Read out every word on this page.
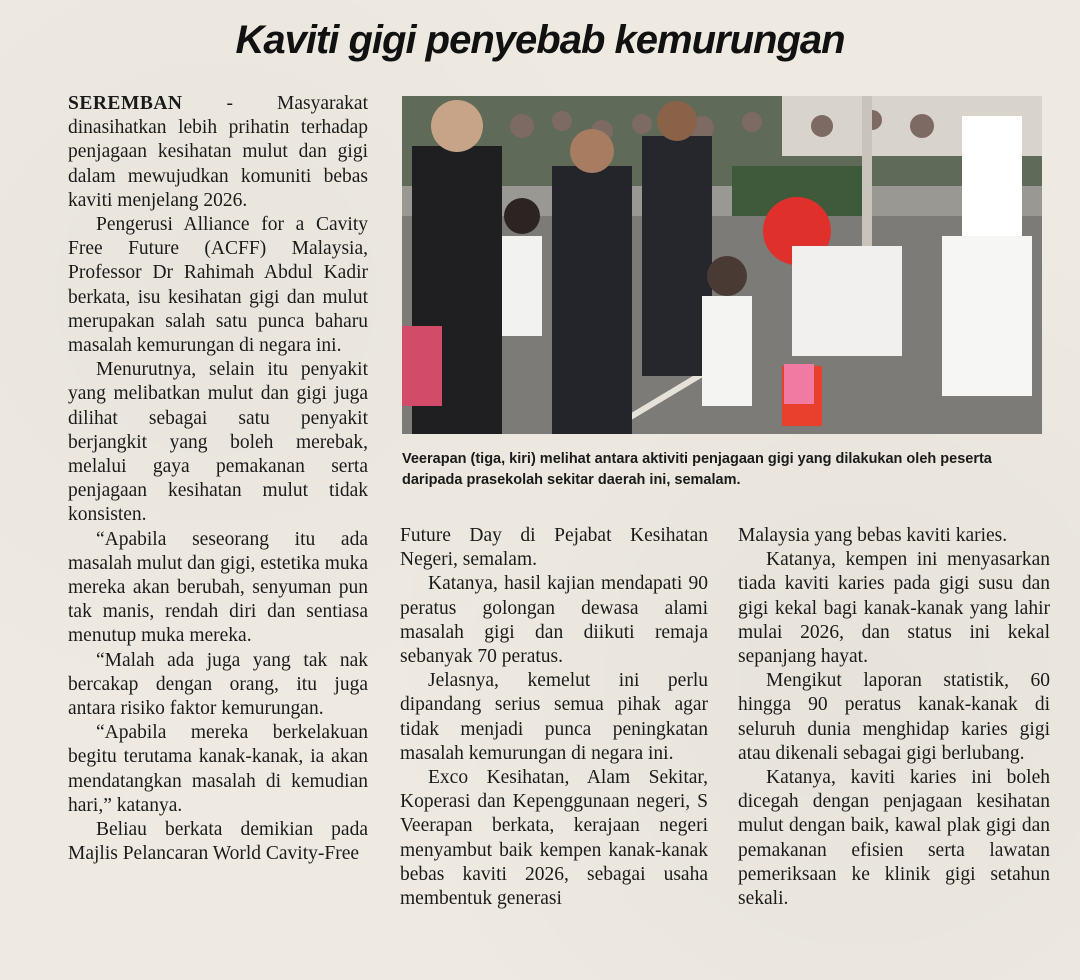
Kaviti gigi penyebab kemurungan

SEREMBAN - Masyarakat dinasihatkan lebih prihatin terhadap penjagaan kesihatan mulut dan gigi dalam mewujudkan komuniti bebas kaviti menjelang 2026.

Pengerusi Alliance for a Cavity Free Future (ACFF) Malaysia, Professor Dr Rahimah Abdul Kadir berkata, isu kesihatan gigi dan mulut merupakan salah satu punca baharu masalah kemurungan di negara ini.

Menurutnya, selain itu penyakit yang melibatkan mulut dan gigi juga dilihat sebagai satu penyakit berjangkit yang boleh merebak, melalui gaya pemakanan serta penjagaan kesihatan mulut tidak konsisten.

“Apabila seseorang itu ada masalah mulut dan gigi, estetika muka mereka akan berubah, senyuman pun tak manis, rendah diri dan sentiasa menutup muka mereka.

“Malah ada juga yang tak nak bercakap dengan orang, itu juga antara risiko faktor kemurungan.

“Apabila mereka berkelakuan begitu terutama kanak-kanak, ia akan mendatangkan masalah di kemudian hari,” katanya.

Beliau berkata demikian pada Majlis Pelancaran World Cavity-Free

Veerapan (tiga, kiri) melihat antara aktiviti penjagaan gigi yang dilakukan oleh peserta daripada prasekolah sekitar daerah ini, semalam.

Future Day di Pejabat Kesihatan Negeri, semalam.

Katanya, hasil kajian mendapati 90 peratus golongan dewasa alami masalah gigi dan diikuti remaja sebanyak 70 peratus.

Jelasnya, kemelut ini perlu dipandang serius semua pihak agar tidak menjadi punca peningkatan masalah kemurungan di negara ini.

Exco Kesihatan, Alam Sekitar, Koperasi dan Kepenggunaan negeri, S Veerapan berkata, kerajaan negeri menyambut baik kempen kanak-kanak bebas kaviti 2026, sebagai usaha membentuk generasi

Malaysia yang bebas kaviti karies.

Katanya, kempen ini menyasarkan tiada kaviti karies pada gigi susu dan gigi kekal bagi kanak-kanak yang lahir mulai 2026, dan status ini kekal sepanjang hayat.

Mengikut laporan statistik, 60 hingga 90 peratus kanak-kanak di seluruh dunia menghidap karies gigi atau dikenali sebagai gigi berlubang.

Katanya, kaviti karies ini boleh dicegah dengan penjagaan kesihatan mulut dengan baik, kawal plak gigi dan pemakanan efisien serta lawatan pemeriksaan ke klinik gigi setahun sekali.
